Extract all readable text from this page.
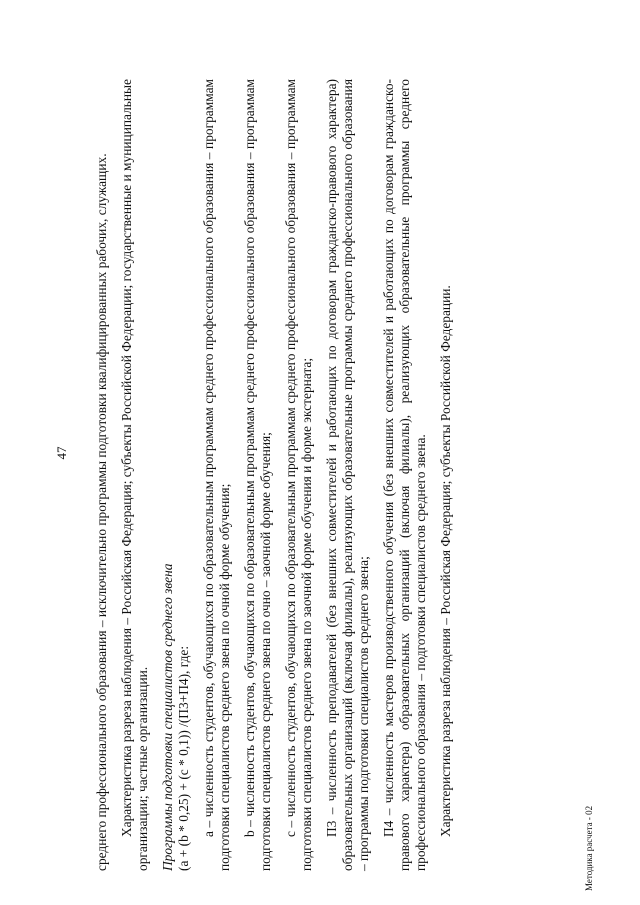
47 среднего профессионального образования – исключительно программы подготовки квалифицированных рабочих, служащих. Характеристика разреза наблюдения – Российская Федерация; субъекты Российской Федерации; государственные и муниципальные организации; частные организации. Программы подготовки специалистов среднего звена (a + (b * 0,25) + (c * 0,1)) /(П3+П4), где: a – численность студентов, обучающихся по образовательным программам среднего профессионального образования – программам подготовки специалистов среднего звена по очной форме обучения; b – численность студентов, обучающихся по образовательным программам среднего профессионального образования – программам подготовки специалистов среднего звена по очно – заочной форме обучения; c – численность студентов, обучающихся по образовательным программам среднего профессионального образования – программам подготовки специалистов среднего звена по заочной форме обучения и форме экстерната; П3 – численность преподавателей (без внешних совместителей и работающих по договорам гражданско-правового характера) образовательных организаций (включая филиалы), реализующих образовательные программы среднего профессионального образования – программы подготовки специалистов среднего звена; П4 – численность мастеров производственного обучения (без внешних совместителей и работающих по договорам гражданско-правового характера) образовательных организаций (включая филиалы), реализующих образовательные программы среднего профессионального образования – подготовки специалистов среднего звена. Характеристика разреза наблюдения – Российская Федерация; субъекты Российской Федерации.

Методика расчета - 02
